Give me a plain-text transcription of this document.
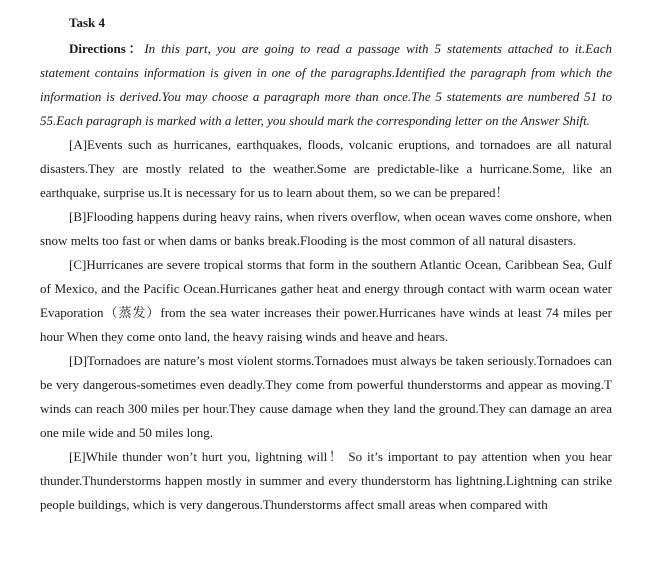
Task 4

Directions：In this part, you are going to read a passage with 5 statements attached to it.Each statement contains information is given in one of the paragraphs.Identified the paragraph from which the information is derived.You may choose a paragraph more than once.The 5 statements are numbered 51 to 55.Each paragraph is marked with a letter, you should mark the corresponding letter on the Answer Shift.

[A]Events such as hurricanes, earthquakes, floods, volcanic eruptions, and tornadoes are all natural disasters.They are mostly related to the weather.Some are predictable-like a hurricane.Some, like an earthquake, surprise us.It is necessary for us to learn about them, so we can be prepared！

[B]Flooding happens during heavy rains, when rivers overflow, when ocean waves come onshore, when snow melts too fast or when dams or banks break.Flooding is the most common of all natural disasters.

[C]Hurricanes are severe tropical storms that form in the southern Atlantic Ocean, Caribbean Sea, Gulf of Mexico, and the Pacific Ocean.Hurricanes gather heat and energy through contact with warm ocean water Evaporation（蒸发）from the sea water increases their power.Hurricanes have winds at least 74 miles per hour When they come onto land, the heavy raising winds and heave and hears.

[D]Tornadoes are nature’s most violent storms.Tornadoes must always be taken seriously.Tornadoes can be very dangerous-sometimes even deadly.They come from powerful thunderstorms and appear as moving.T winds can reach 300 miles per hour.They cause damage when they land the ground.They can damage an area one mile wide and 50 miles long.

[E]While thunder won’t hurt you, lightning will！ So it’s important to pay attention when you hear thunder.Thunderstorms happen mostly in summer and every thunderstorm has lightning.Lightning can strike people buildings, which is very dangerous.Thunderstorms affect small areas when compared with
